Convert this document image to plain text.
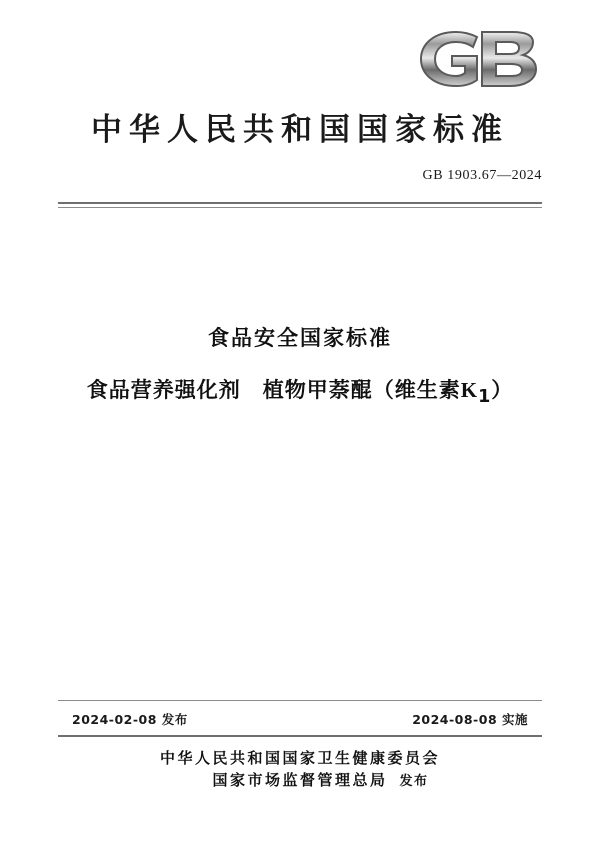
中华人民共和国国家标准
GB 1903.67—2024
食品安全国家标准
食品营养强化剂　植物甲萘醌（维生素$K_1$）
2024-02-08 发布	2024-08-08 实施
中华人民共和国国家卫生健康委员会
国家市场监督管理总局 发布
